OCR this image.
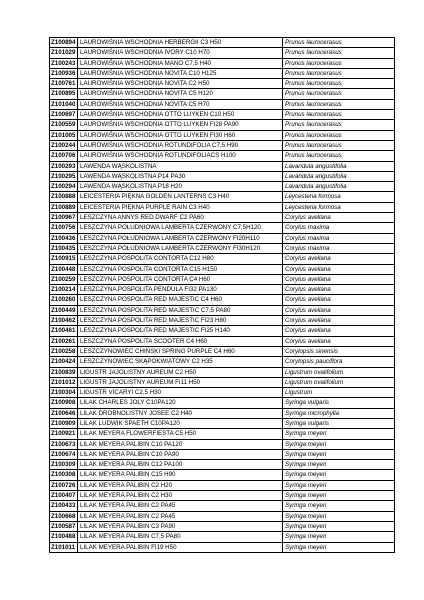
Z100894	LAUROWIŚNIA WSCHODNIA HERBERGII C3 H50	Prunus laurocerasus
Z101029	LAUROWIŚNIA WSCHODNIA IVORY C10 H70	Prunus laurocerasus
Z100243	LAUROWIŚNIA WSCHODNIA MANO C7,5 H40	Prunus laurocerasus
Z100936	LAUROWIŚNIA WSCHODNIA NOVITA C10 H125	Prunus laurocerasus
Z100761	LAUROWIŚNIA WSCHODNIA NOVITA C2 H50	Prunus laurocerasus
Z100895	LAUROWIŚNIA WSCHODNIA NOVITA C5 H120	Prunus laurocerasus
Z101040	LAUROWIŚNIA WSCHODNIA NOVITA C5 H70	Prunus laurocerasus
Z100697	LAUROWIŚNIA WSCHODNIA OTTO LUYKEN C10 H50	Prunus laurocerasus
Z100559	LAUROWIŚNIA WSCHODNIA OTTO LUYKEN FI28 PA90	Prunus laurocerasus
Z101005	LAUROWIŚNIA WSCHODNIA OTTO LUYKEN FI30 H60	Prunus laurocerasus
Z100244	LAUROWIŚNIA WSCHODNIA ROTUNDIFOLIA C7,5 H90	Prunus laurocerasus
Z100706	LAUROWIŚNIA WSCHODNIA ROTUNDIFOLIACS H100	Prunus laurocerasus
Z100293	LAWENDA WĄSKOLISTNA	Lavandula angustifolia
Z100295	LAWENDA WĄSKOLISTNA P14 PA30	Lavandula angustifolia
Z100294	LAWENDA WĄSKOLISTNA P18 H20	Lavandula angustifolia
Z100888	LEICESTERIA PIĘKNA GOLDEN LANTERNS C3 H40	Leycesteria formosa
Z100889	LEICESTERIA PIĘKNA PURPLE RAIN C3 H40	Leycesteria formosa
Z100967	LESZCZYNA ANNYS RED DWARF C2 PA60	Corylus avellana
Z100756	LESZCZYNA POŁUDNIOWA LAMBERTA CZERWONY C7,5H120	Corylus maxima
Z100436	LESZCZYNA POŁUDNIOWA LAMBERTA CZERWONY FI20H110	Corylus maxima
Z100435	LESZCZYNA POŁUDNIOWA LAMBERTA CZERWONY FI30H120	Corylus maxima
Z100915	LESZCZYNA POSPOLITA CONTORTA C12 H80	Corylus avellana
Z100448	LESZCZYNA POSPOLITA CONTORTA C15 H150	Corylus avellana
Z100259	LESZCZYNA POSPOLITA CONTORTA C4 H60	Corylus avellana
Z100214	LESZCZYNA POSPOLITA PENDULA FI32 PA130	Corylus avellana
Z100260	LESZCZYNA POSPOLITA RED MAJESTIC C4 H60	Corylus avellana
Z100449	LESZCZYNA POSPOLITA RED MAJESTIC C7,5 PA80	Corylus avellana
Z100462	LESZCZYNA POSPOLITA RED MAJESTIC FI23 H80	Corylus avellana
Z100461	LESZCZYNA POSPOLITA RED MAJESTIC FI25 H140	Corylus avellana
Z100261	LESZCZYNA POSPOLITA SCOOTER C4 H60	Corylus avellana
Z100258	LESZCZYNOWIEC CHIŃSKI SPRING PURPLE C4 H60	Corylopsis sinensis
Z100424	LESZCZYNOWIEC SKĄPOKWIATOWY C2 H35	Corylopsis pauciflora
Z100839	LIGUSTR JAJOLISTNY AUREUM C2 H50	Ligustrum ovalifolium
Z101012	LIGUSTR JAJOLISTNY AUREUM FI11 H50	Ligustrum ovalifolium
Z100304	LIGUSTR VICARYI C2,5 H30	Ligustrum
Z100908	LILAK CHARLES JOLY C10PA120	Syringa vulgaris
Z100646	LILAK DROBNOLISTNY JOSEE C2 H40	Syringa microphylla
Z100909	LILAK LUDWIK SPAETH C10PA120	Syringa vulgaris
Z100921	LILAK MEYERA FLOWERFIESTA C5 H50	Syringa meyeri
Z100673	LILAK MEYERA PALIBIN C10 PA120	Syringa meyeri
Z100674	LILAK MEYERA PALIBIN C10 PA90	Syringa meyeri
Z100309	LILAK MEYERA PALIBIN C12 PA100	Syringa meyeri
Z100308	LILAK MEYERA PALIBIN C15 H90	Syringa meyeri
Z100726	LILAK MEYERA PALIBIN C2 H20	Syringa meyeri
Z100407	LILAK MEYERA PALIBIN C2 H30	Syringa meyeri
Z100433	LILAK MEYERA PALIBIN C2 PA45	Syringa meyeri
Z100668	LILAK MEYERA PALIBIN C2 PA45	Syringa meyeri
Z100587	LILAK MEYERA PALIBIN C3 PA90	Syringa meyeri
Z100488	LILAK MEYERA PALIBIN C7,5 PA80	Syringa meyeri
Z101011	LILAK MEYERA PALIBIN FI19 H50	Syringa meyeri
